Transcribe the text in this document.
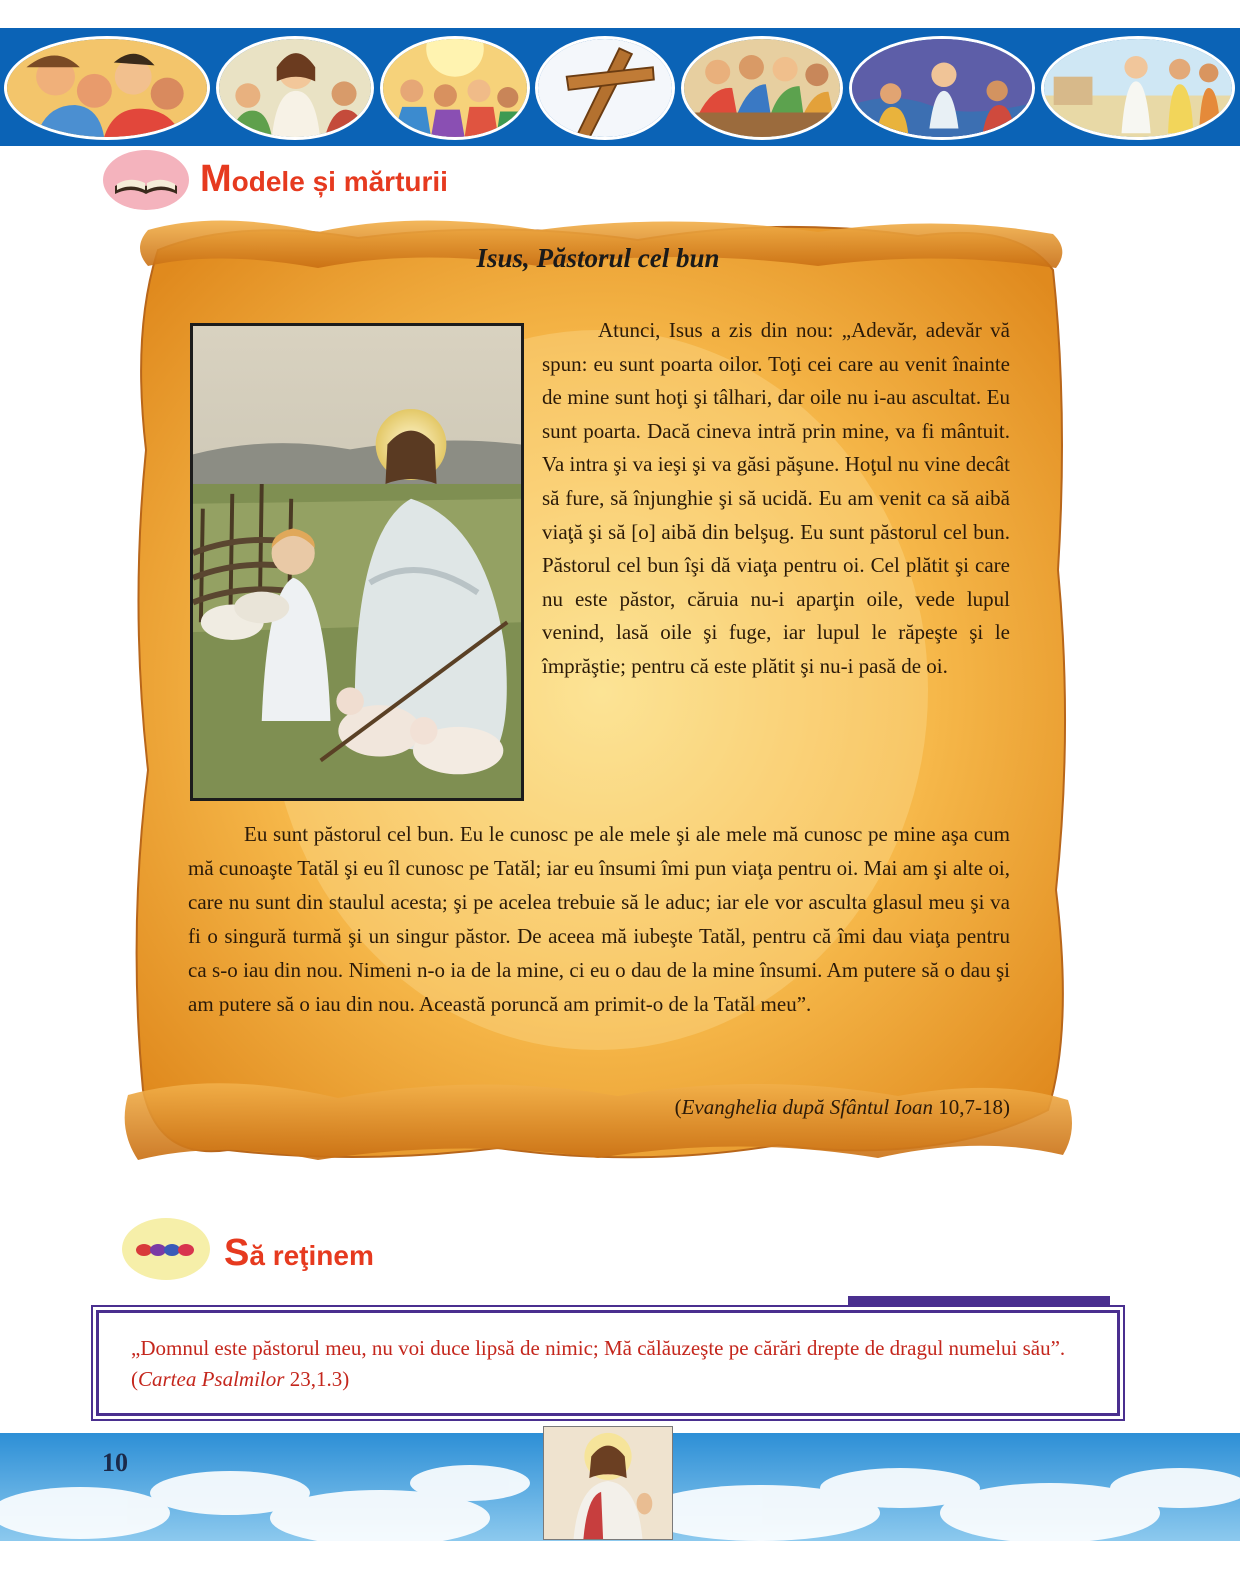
Modele și mărturii
Isus, Păstorul cel bun

Atunci, Isus a zis din nou: „Adevăr, adevăr vă spun: eu sunt poarta oilor. Toţi cei care au venit înainte de mine sunt hoţi şi tâlhari, dar oile nu i-au ascultat. Eu sunt poarta. Dacă cineva intră prin mine, va fi mântuit. Va intra şi va ieşi şi va găsi păşune. Hoţul nu vine decât să fure, să înjunghie şi să ucidă. Eu am venit ca să aibă viaţă şi să [o] aibă din belşug. Eu sunt păstorul cel bun. Păstorul cel bun îşi dă viaţa pentru oi. Cel plătit şi care nu este păstor, căruia nu-i aparţin oile, vede lupul venind, lasă oile şi fuge, iar lupul le răpeşte şi le împrăştie; pentru că este plătit şi nu-i pasă de oi.

Eu sunt păstorul cel bun. Eu le cunosc pe ale mele şi ale mele mă cunosc pe mine aşa cum mă cunoaşte Tatăl şi eu îl cunosc pe Tatăl; iar eu însumi îmi pun viaţa pentru oi. Mai am şi alte oi, care nu sunt din staulul acesta; şi pe acelea trebuie să le aduc; iar ele vor asculta glasul meu şi va fi o singură turmă şi un singur păstor. De aceea mă iubeşte Tatăl, pentru că îmi dau viaţa pentru ca s-o iau din nou. Nimeni n-o ia de la mine, ci eu o dau de la mine însumi. Am putere să o dau şi am putere să o iau din nou. Această poruncă am primit-o de la Tatăl meu”.

(Evanghelia după Sfântul Ioan 10,7-18)
Să reţinem

„Domnul este păstorul meu, nu voi duce lipsă de nimic; Mă călăuzeşte pe cărări drepte de dragul numelui său”. (Cartea Psalmilor 23,1.3)

10
